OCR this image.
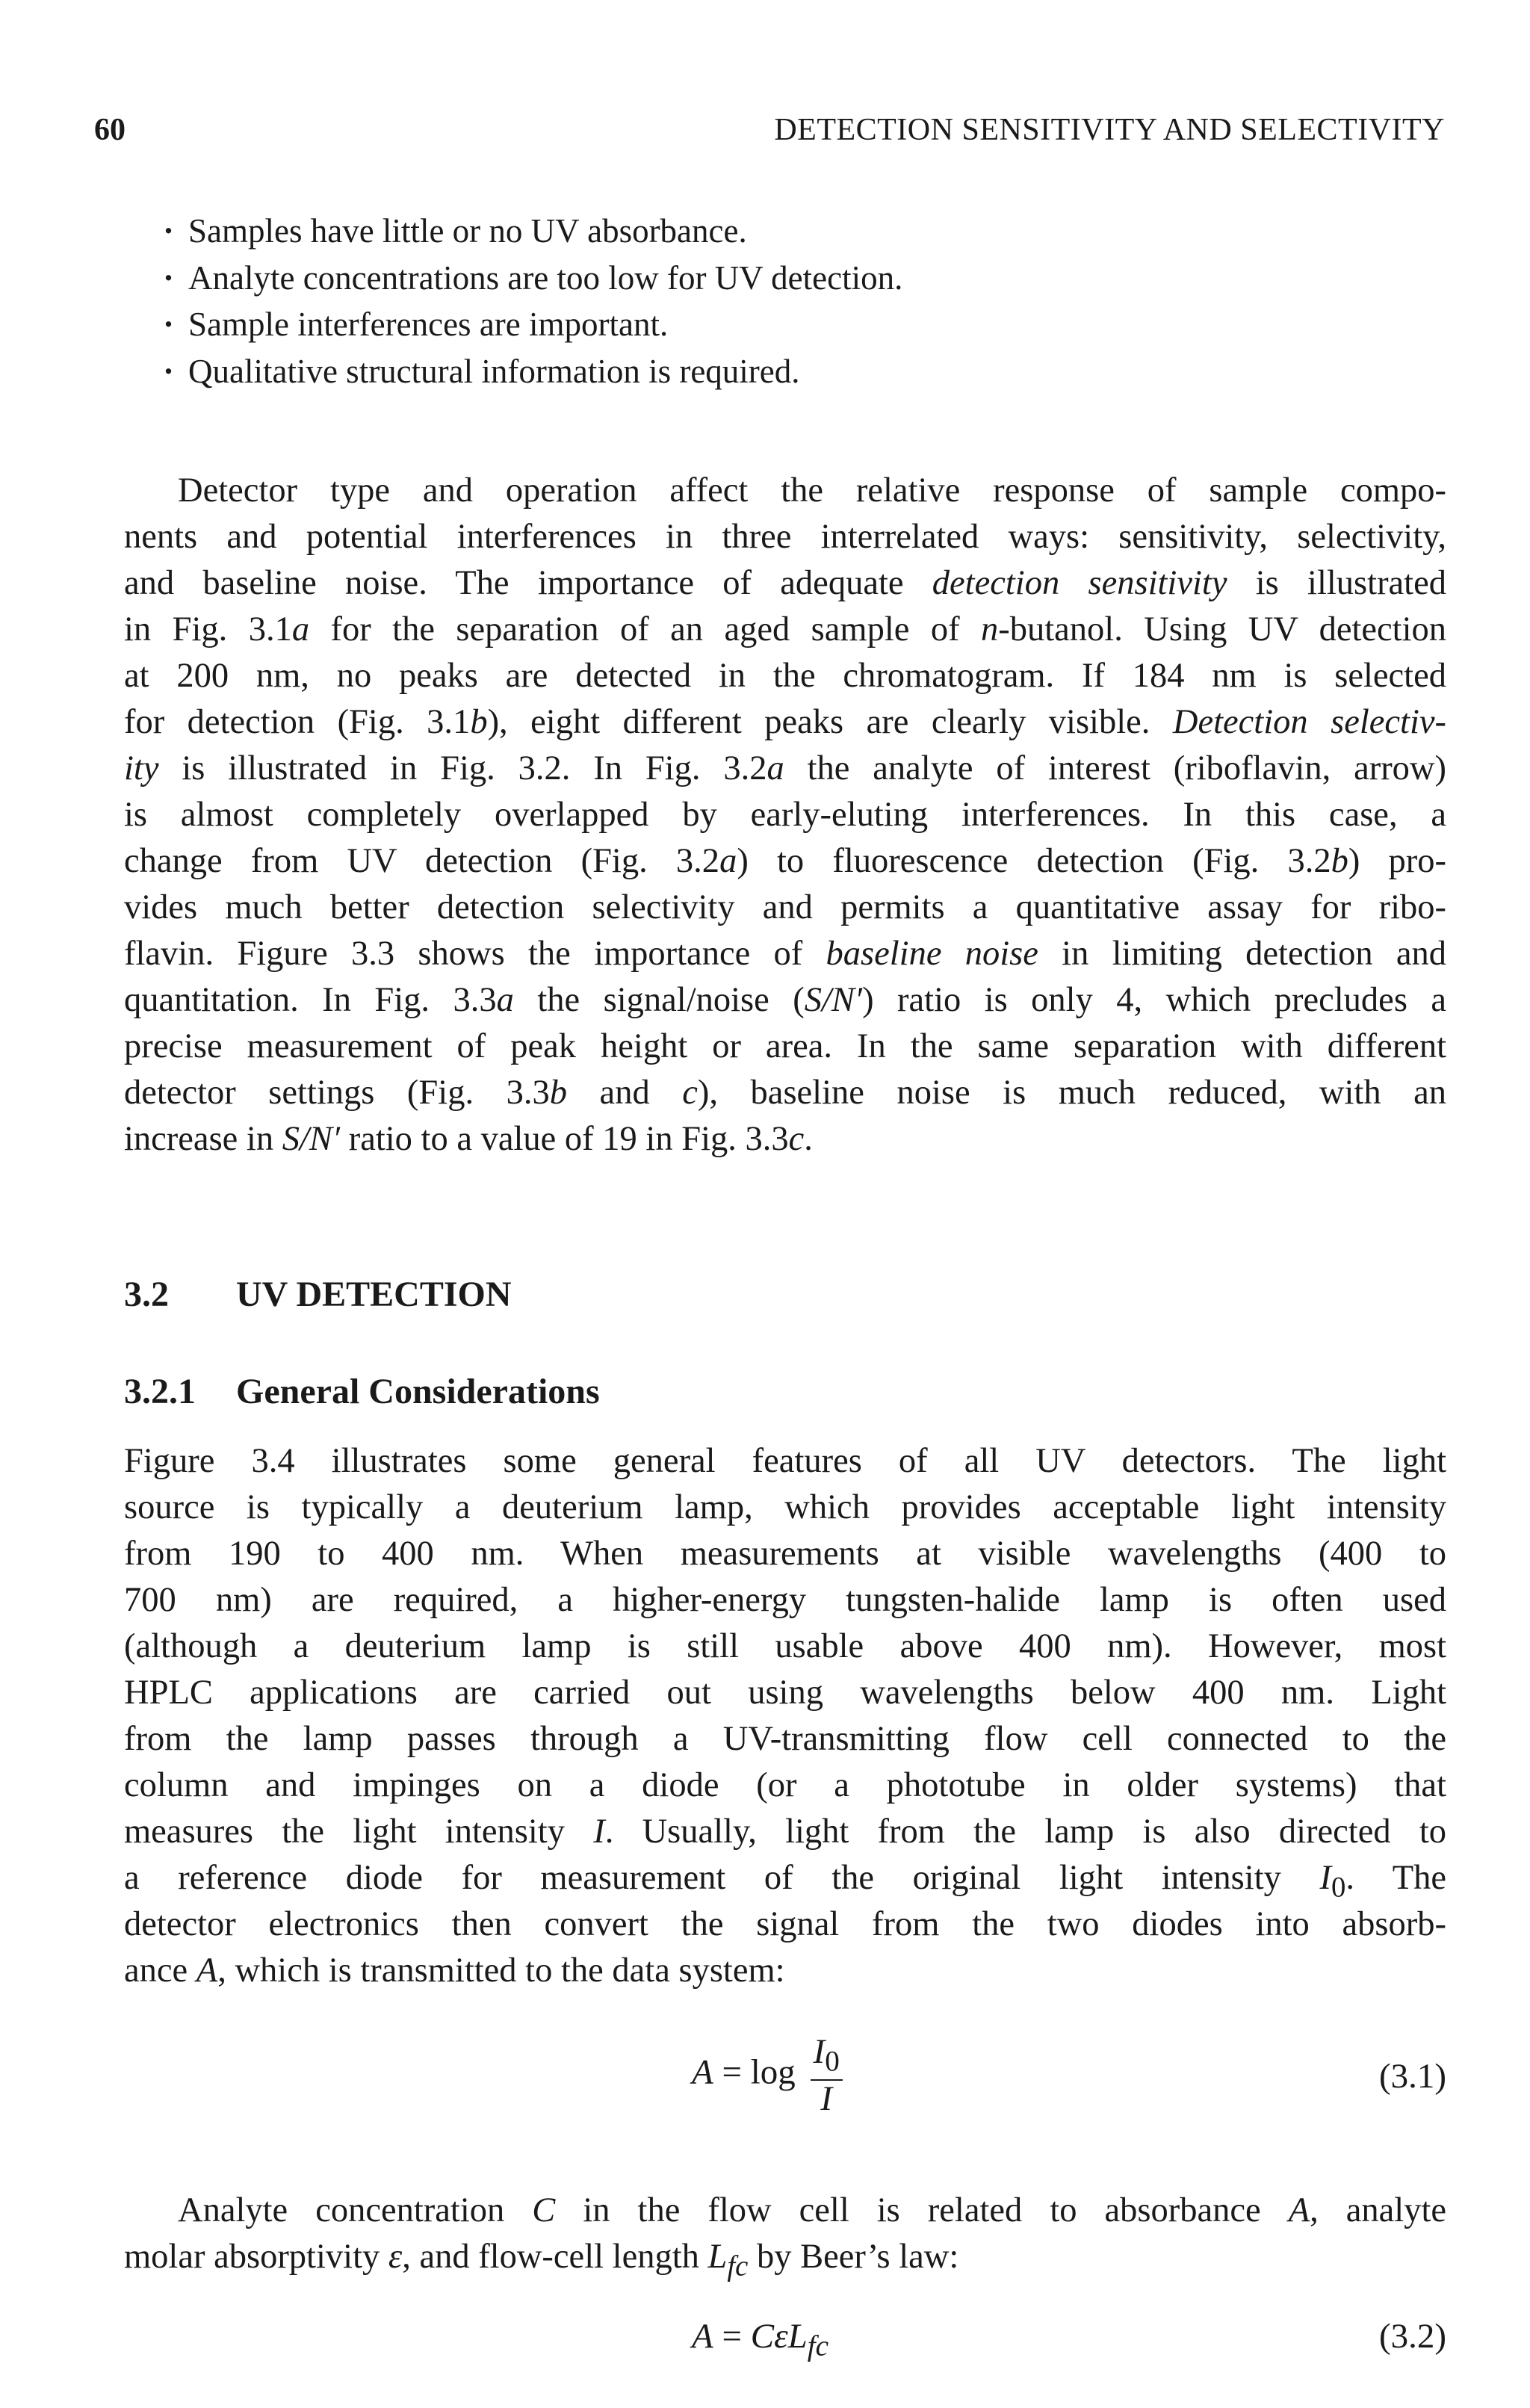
60	DETECTION SENSITIVITY AND SELECTIVITY
· Samples have little or no UV absorbance.
· Analyte concentrations are too low for UV detection.
· Sample interferences are important.
· Qualitative structural information is required.
Detector type and operation affect the relative response of sample compo-
nents and potential interferences in three interrelated ways: sensitivity, selectivity,
and baseline noise. The importance of adequate detection sensitivity is illustrated
in Fig. 3.1a for the separation of an aged sample of n-butanol. Using UV detection
at 200 nm, no peaks are detected in the chromatogram. If 184 nm is selected
for detection (Fig. 3.1b), eight different peaks are clearly visible. Detection selectiv-
ity is illustrated in Fig. 3.2. In Fig. 3.2a the analyte of interest (riboflavin, arrow)
is almost completely overlapped by early-eluting interferences. In this case, a
change from UV detection (Fig. 3.2a) to fluorescence detection (Fig. 3.2b) pro-
vides much better detection selectivity and permits a quantitative assay for ribo-
flavin. Figure 3.3 shows the importance of baseline noise in limiting detection and
quantitation. In Fig. 3.3a the signal/noise (S/N′) ratio is only 4, which precludes a
precise measurement of peak height or area. In the same separation with different
detector settings (Fig. 3.3b and c), baseline noise is much reduced, with an
increase in S/N′ ratio to a value of 19 in Fig. 3.3c.
3.2 UV DETECTION
3.2.1 General Considerations
Figure 3.4 illustrates some general features of all UV detectors. The light
source is typically a deuterium lamp, which provides acceptable light intensity
from 190 to 400 nm. When measurements at visible wavelengths (400 to
700 nm) are required, a higher-energy tungsten-halide lamp is often used
(although a deuterium lamp is still usable above 400 nm). However, most
HPLC applications are carried out using wavelengths below 400 nm. Light
from the lamp passes through a UV-transmitting flow cell connected to the
column and impinges on a diode (or a phototube in older systems) that
measures the light intensity I. Usually, light from the lamp is also directed to
a reference diode for measurement of the original light intensity $I_0$. The
detector electronics then convert the signal from the two diodes into absorb-
ance A, which is transmitted to the data system:
$A = \log \frac{I_0}{I}$	(3.1)
Analyte concentration C in the flow cell is related to absorbance A, analyte
molar absorptivity ε, and flow-cell length $L_{fc}$ by Beer’s law:
A = CεL$_{fc}$	(3.2)
